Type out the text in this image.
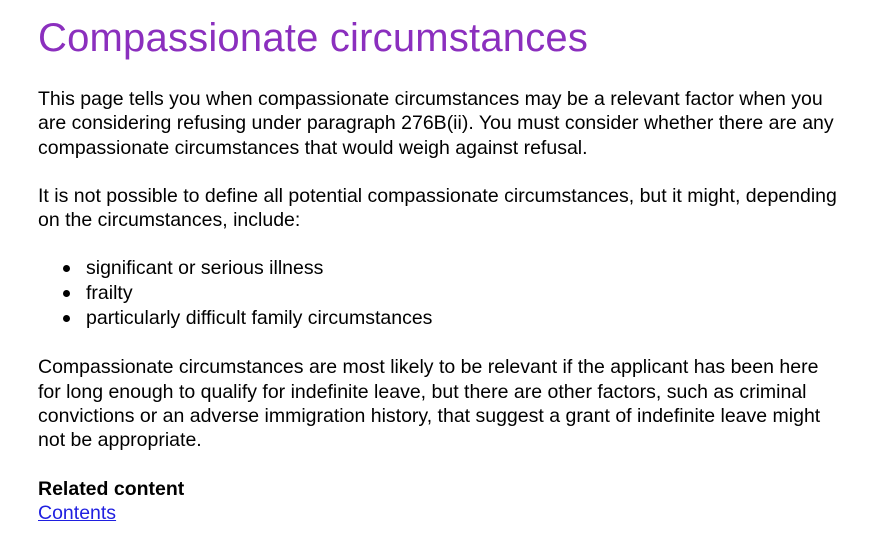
Compassionate circumstances

This page tells you when compassionate circumstances may be a relevant factor when you are considering refusing under paragraph 276B(ii). You must consider whether there are any compassionate circumstances that would weigh against refusal.

It is not possible to define all potential compassionate circumstances, but it might, depending on the circumstances, include:

significant or serious illness
frailty
particularly difficult family circumstances

Compassionate circumstances are most likely to be relevant if the applicant has been here for long enough to qualify for indefinite leave, but there are other factors, such as criminal convictions or an adverse immigration history, that suggest a grant of indefinite leave might not be appropriate.

Related content
Contents
